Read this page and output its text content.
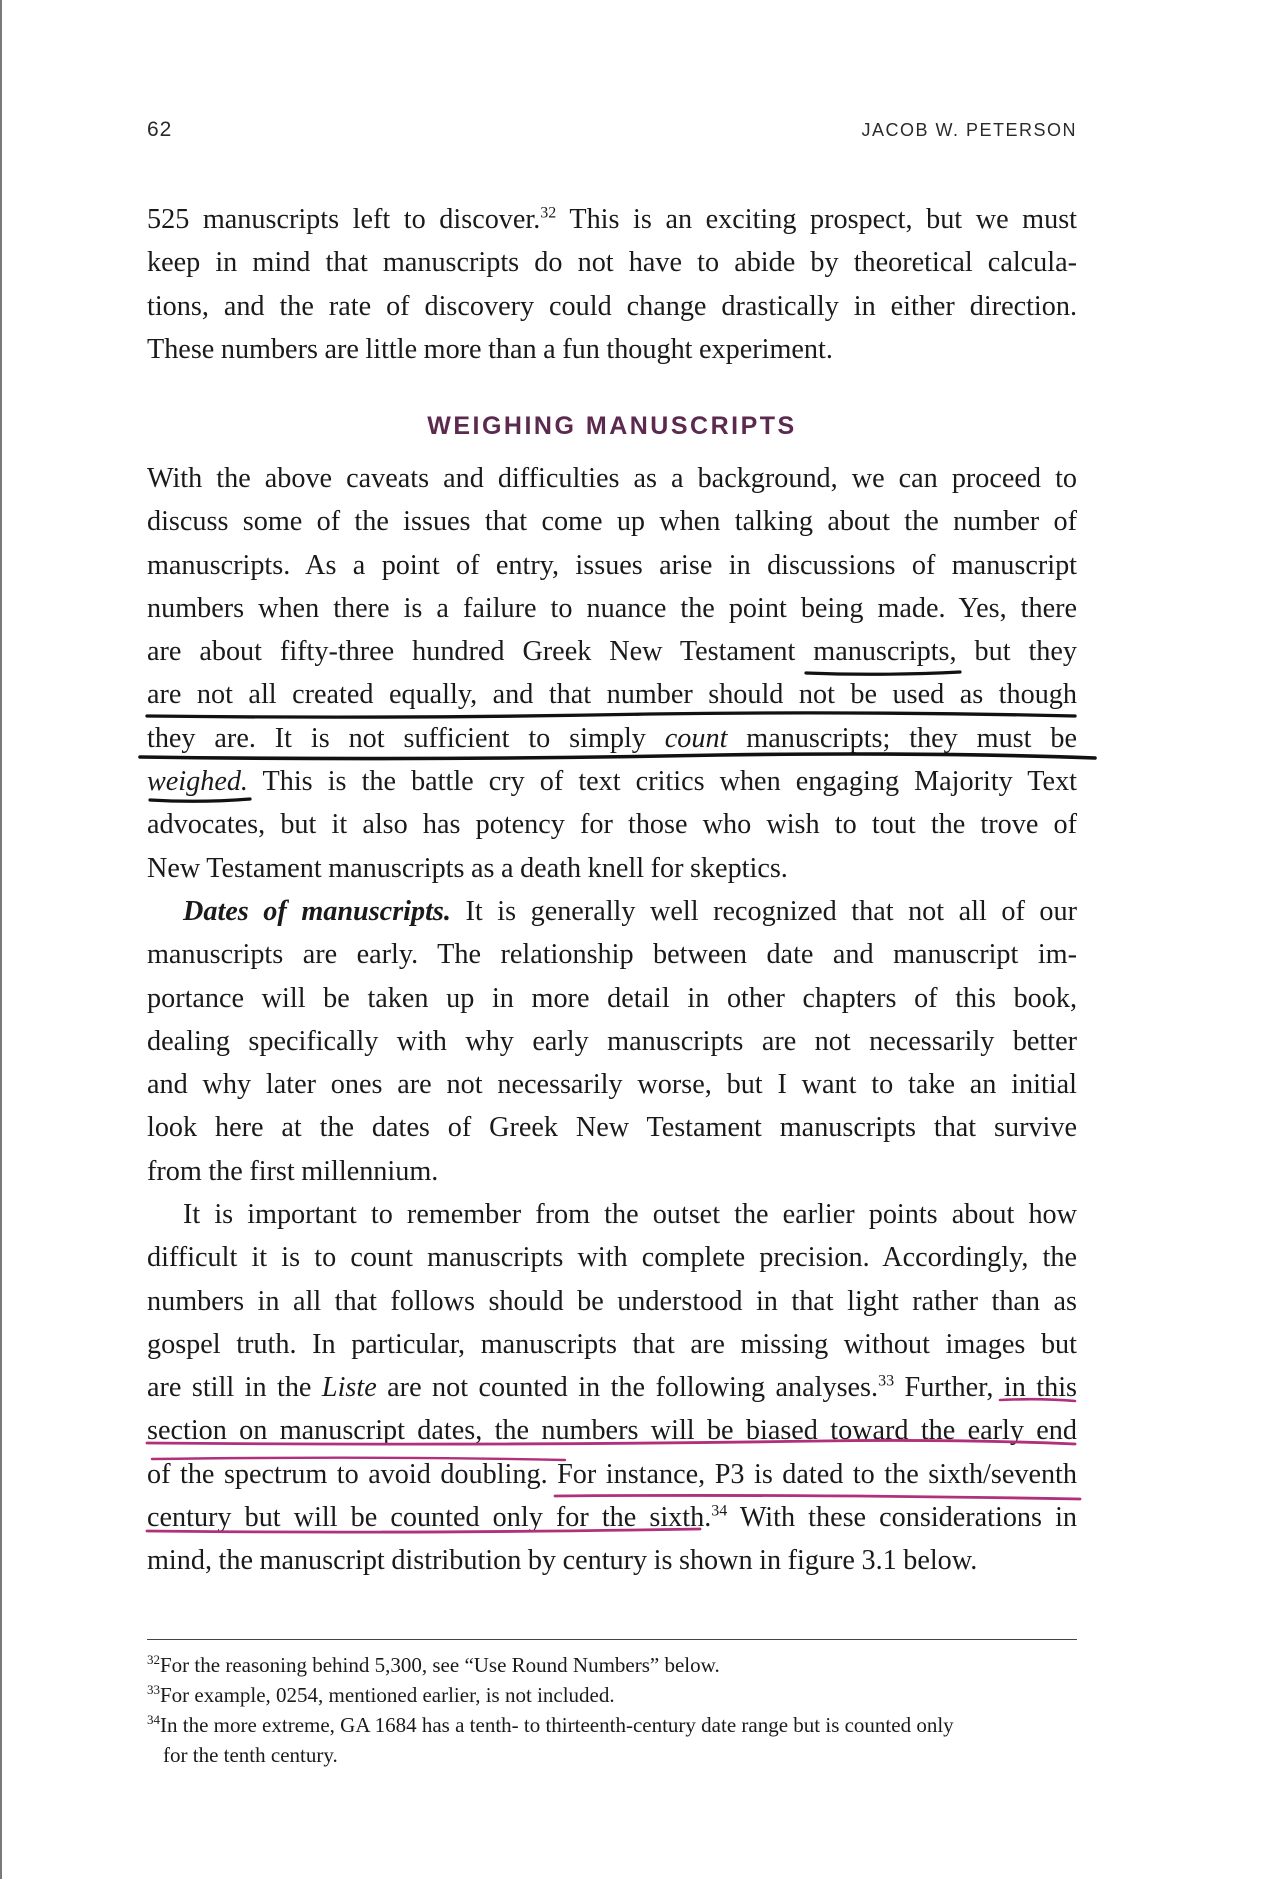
62	JACOB W. PETERSON
525 manuscripts left to discover.$^{32}$ This is an exciting prospect, but we must
keep in mind that manuscripts do not have to abide by theoretical calcula-
tions, and the rate of discovery could change drastically in either direction.
These numbers are little more than a fun thought experiment.
WEIGHING MANUSCRIPTS
With the above caveats and difficulties as a background, we can proceed to
discuss some of the issues that come up when talking about the number of
manuscripts. As a point of entry, issues arise in discussions of manuscript
numbers when there is a failure to nuance the point being made. Yes, there
are about fifty-three hundred Greek New Testament manuscripts, but they
are not all created equally, and that number should not be used as though
they are. It is not sufficient to simply count manuscripts; they must be
weighed. This is the battle cry of text critics when engaging Majority Text
advocates, but it also has potency for those who wish to tout the trove of
New Testament manuscripts as a death knell for skeptics.
Dates of manuscripts. It is generally well recognized that not all of our
manuscripts are early. The relationship between date and manuscript im-
portance will be taken up in more detail in other chapters of this book,
dealing specifically with why early manuscripts are not necessarily better
and why later ones are not necessarily worse, but I want to take an initial
look here at the dates of Greek New Testament manuscripts that survive
from the first millennium.
It is important to remember from the outset the earlier points about how
difficult it is to count manuscripts with complete precision. Accordingly, the
numbers in all that follows should be understood in that light rather than as
gospel truth. In particular, manuscripts that are missing without images but
are still in the Liste are not counted in the following analyses.$^{33}$ Further, in this
section on manuscript dates, the numbers will be biased toward the early end
of the spectrum to avoid doubling. For instance, P3 is dated to the sixth/seventh
century but will be counted only for the sixth.$^{34}$ With these considerations in
mind, the manuscript distribution by century is shown in figure 3.1 below.
$^{32}$For the reasoning behind 5,300, see “Use Round Numbers” below.
$^{33}$For example, 0254, mentioned earlier, is not included.
$^{34}$In the more extreme, GA 1684 has a tenth- to thirteenth-century date range but is counted only
for the tenth century.
